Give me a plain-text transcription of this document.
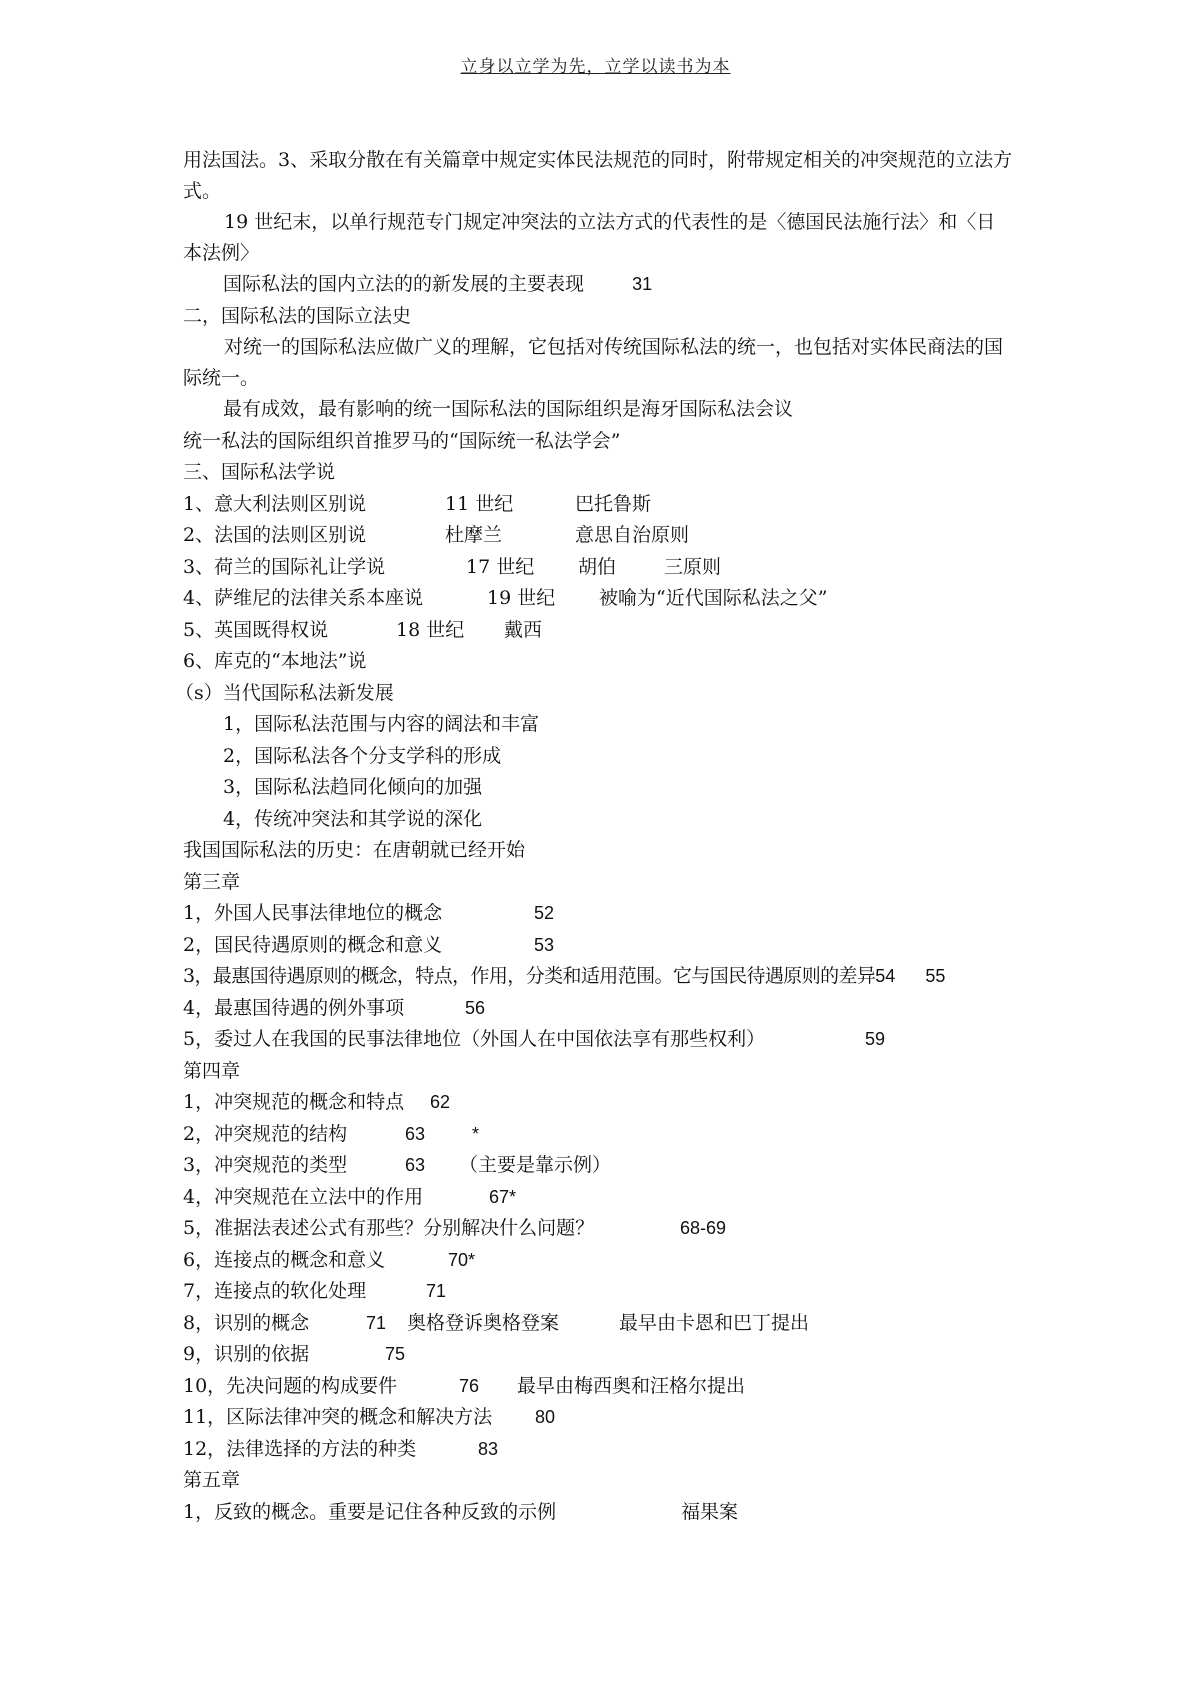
立身以立学为先，立学以读书为本

用法国法。3、采取分散在有关篇章中规定实体民法规范的同时，附带规定相关的冲突规范的立法方式。

19 世纪末，以单行规范专门规定冲突法的立法方式的代表性的是〈德国民法施行法〉和〈日本法例〉

国际私法的国内立法的的新发展的主要表现	31
二，国际私法的国际立法史

对统一的国际私法应做广义的理解，它包括对传统国际私法的统一，也包括对实体民商法的国际统一。

最有成效，最有影响的统一国际私法的国际组织是海牙国际私法会议
统一私法的国际组织首推罗马的“国际统一私法学会”
三、国际私法学说
1、意大利法则区别说	11 世纪	巴托鲁斯
2、法国的法则区别说	杜摩兰	意思自治原则
3、荷兰的国际礼让学说	17 世纪 胡伯	三原则
4、萨维尼的法律关系本座说	19 世纪 被喻为“近代国际私法之父”
5、英国既得权说	18 世纪 戴西
6、库克的“本地法”说
（s）当代国际私法新发展
1，国际私法范围与内容的阔法和丰富
2，国际私法各个分支学科的形成
3，国际私法趋同化倾向的加强
4，传统冲突法和其学说的深化
我国国际私法的历史：在唐朝就已经开始
第三章
1，外国人民事法律地位的概念	52
2，国民待遇原则的概念和意义	53
3，最惠国待遇原则的概念，特点，作用，分类和适用范围。它与国民待遇原则的差异54 55
4，最惠国待遇的例外事项	56
5，委过人在我国的民事法律地位（外国人在中国依法享有那些权利）	59
第四章
1，冲突规范的概念和特点 62
2，冲突规范的结构	63	*
3，冲突规范的类型	63 （主要是靠示例）
4，冲突规范在立法中的作用	67*
5，准据法表述公式有那些？分别解决什么问题？	68-69
6，连接点的概念和意义	70*
7，连接点的软化处理	71
8，识别的概念	71 奥格登诉奥格登案	最早由卡恩和巴丁提出
9，识别的依据	75
10，先决问题的构成要件	76 最早由梅西奥和汪格尔提出
11，区际法律冲突的概念和解决方法 80
12，法律选择的方法的种类	83
第五章
1，反致的概念。重要是记住各种反致的示例	福果案
